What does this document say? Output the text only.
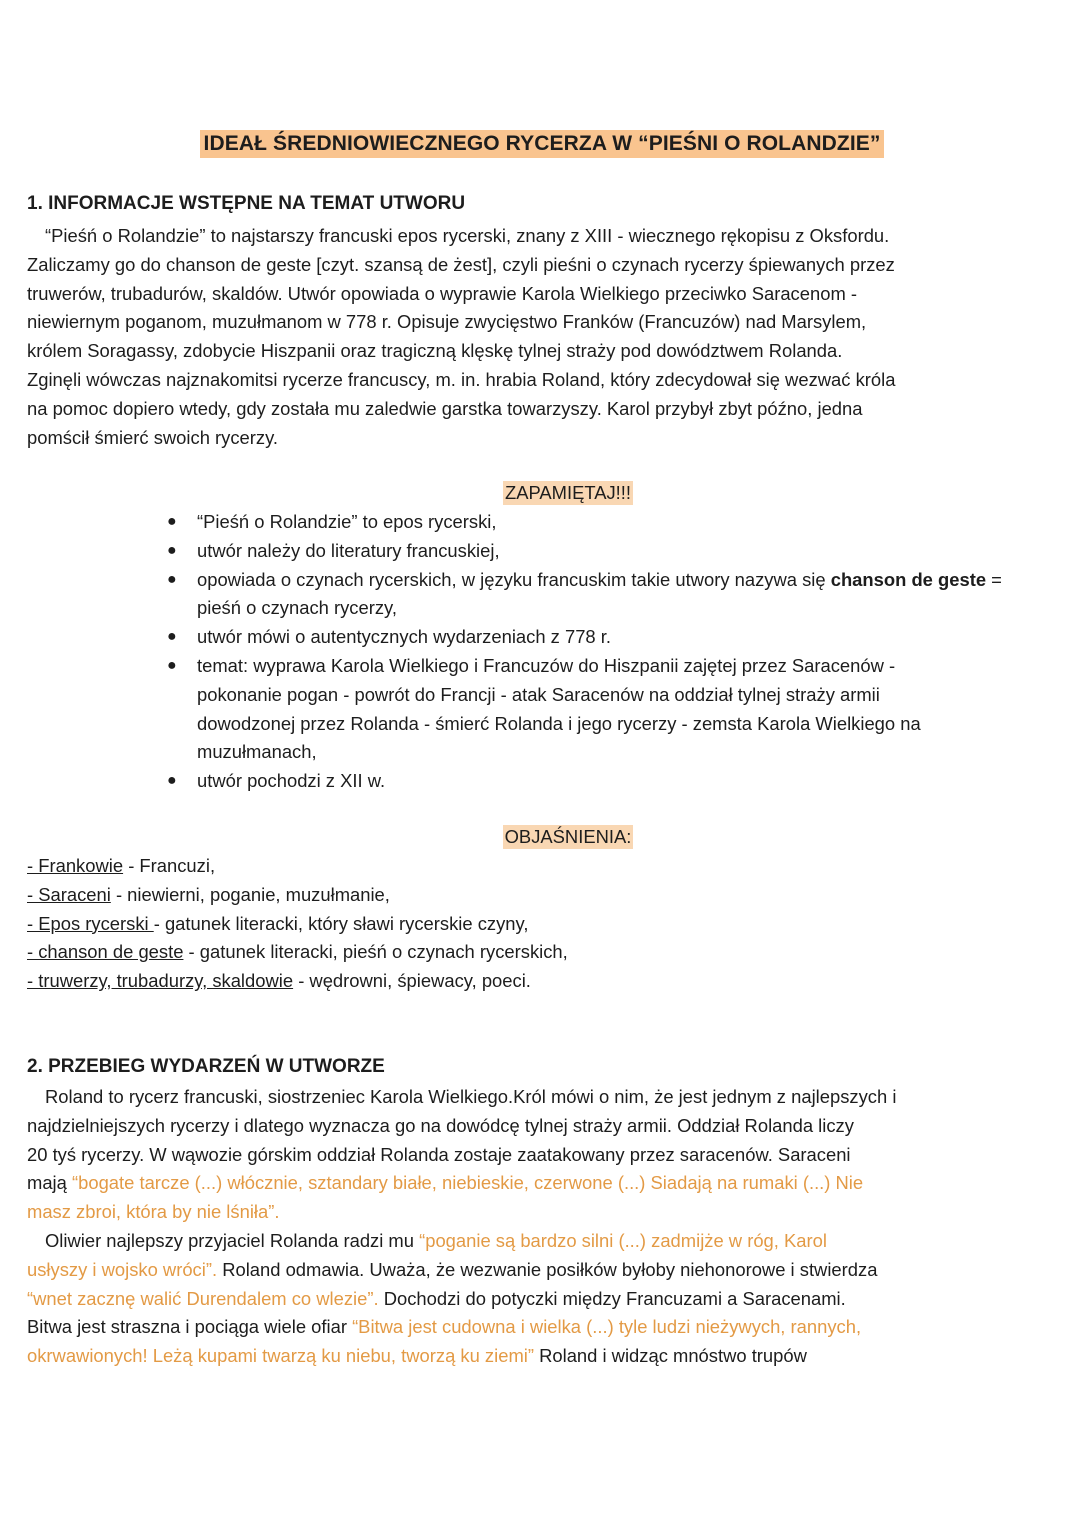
IDEAŁ ŚREDNIOWIECZNEGO RYCERZA W “PIEŚNI O ROLANDZIE”
1. INFORMACJE WSTĘPNE NA TEMAT UTWORU
“Pieśń o Rolandzie” to najstarszy francuski epos rycerski, znany z XIII - wiecznego rękopisu z Oksfordu.
Zaliczamy go do chanson de geste [czyt. szansą de żest], czyli pieśni o czynach rycerzy śpiewanych przez
truwerów, trubadurów, skaldów. Utwór opowiada o wyprawie Karola Wielkiego przeciwko Saracenom -
niewiernym poganom, muzułmanom w 778 r. Opisuje zwycięstwo Franków (Francuzów) nad Marsylem,
królem Soragassy, zdobycie Hiszpanii oraz tragiczną klęskę tylnej straży pod dowództwem Rolanda.
Zginęli wówczas najznakomitsi rycerze francuscy, m. in. hrabia Roland, który zdecydował się wezwać króla
na pomoc dopiero wtedy, gdy została mu zaledwie garstka towarzyszy. Karol przybył zbyt późno, jedna
pomścił śmierć swoich rycerzy.
ZAPAMIĘTAJ!!!
● “Pieśń o Rolandzie” to epos rycerski,
● utwór należy do literatury francuskiej,
● opowiada o czynach rycerskich, w języku francuskim takie utwory nazywa się chanson de geste = pieśń o czynach rycerzy,
● utwór mówi o autentycznych wydarzeniach z 778 r.
● temat: wyprawa Karola Wielkiego i Francuzów do Hiszpanii zajętej przez Saracenów -
pokonanie pogan - powrót do Francji - atak Saracenów na oddział tylnej straży armii
dowodzonej przez Rolanda - śmierć Rolanda i jego rycerzy - zemsta Karola Wielkiego na
muzułmanach,
● utwór pochodzi z XII w.
OBJAŚNIENIA:
- Frankowie - Francuzi,
- Saraceni - niewierni, poganie, muzułmanie,
- Epos rycerski - gatunek literacki, który sławi rycerskie czyny,
- chanson de geste - gatunek literacki, pieśń o czynach rycerskich,
- truwerzy, trubadurzy, skaldowie - wędrowni, śpiewacy, poeci.
2. PRZEBIEG WYDARZEŃ W UTWORZE
Roland to rycerz francuski, siostrzeniec Karola Wielkiego.Król mówi o nim, że jest jednym z najlepszych i
najdzielniejszych rycerzy i dlatego wyznacza go na dowódcę tylnej straży armii. Oddział Rolanda liczy
20 tyś rycerzy. W wąwozie górskim oddział Rolanda zostaje zaatakowany przez saracenów. Saraceni
mają “bogate tarcze (...) włócznie, sztandary białe, niebieskie, czerwone (...) Siadają na rumaki (...) Nie
masz zbroi, która by nie lśniła”.
Oliwier najlepszy przyjaciel Rolanda radzi mu “poganie są bardzo silni (...) zadmijże w róg, Karol
usłyszy i wojsko wróci”. Roland odmawia. Uważa, że wezwanie posiłków byłoby niehonorowe i stwierdza
“wnet zacznę walić Durendalem co wlezie”. Dochodzi do potyczki między Francuzami a Saracenami.
Bitwa jest straszna i pociąga wiele ofiar “Bitwa jest cudowna i wielka (...) tyle ludzi nieżywych, rannych,
okrwawionych! Leżą kupami twarzą ku niebu, tworzą ku ziemi” Roland i widząc mnóstwo trupów
